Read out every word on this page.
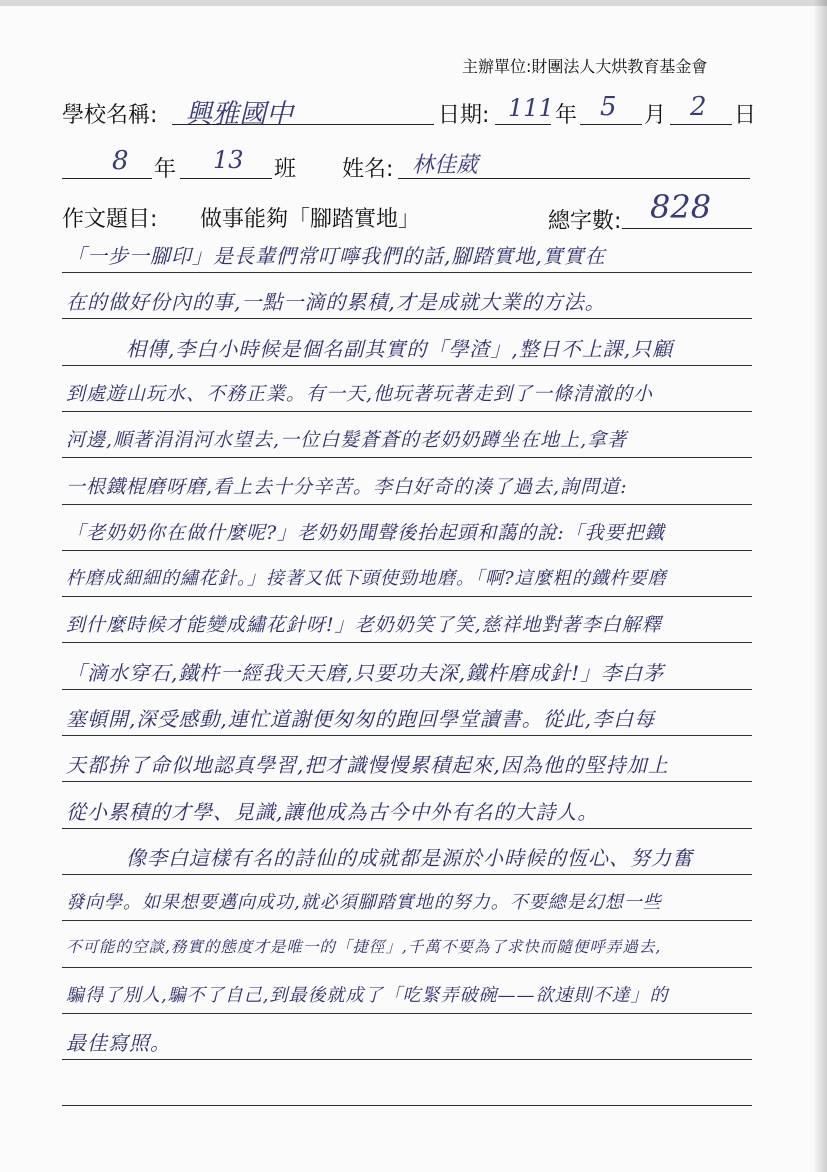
主辦單位:財團法人大烘教育基金會
學校名稱: 興雅國中	日期: 111 年 5 月 2 日
8 年 13 班 姓名: 林佳葳
作文題目: 做事能夠「腳踏實地」	總字數: 828
「一步一腳印」是長輩們常叮嚀我們的話,腳踏實地,實實在
在的做好份內的事,一點一滴的累積,才是成就大業的方法。
相傳,李白小時候是個名副其實的「學渣」,整日不上課,只顧
到處遊山玩水、不務正業。有一天,他玩著玩著走到了一條清澈的小
河邊,順著涓涓河水望去,一位白髮蒼蒼的老奶奶蹲坐在地上,拿著
一根鐵棍磨呀磨,看上去十分辛苦。李白好奇的湊了過去,詢問道:
「老奶奶你在做什麼呢?」老奶奶聞聲後抬起頭和藹的說:「我要把鐵
杵磨成細細的繡花針。」接著又低下頭使勁地磨。「啊?這麼粗的鐵杵要磨
到什麼時候才能變成繡花針呀!」老奶奶笑了笑,慈祥地對著李白解釋
「滴水穿石,鐵杵一經我天天磨,只要功夫深,鐵杵磨成針!」李白茅
塞頓開,深受感動,連忙道謝便匆匆的跑回學堂讀書。從此,李白每
天都拚了命似地認真學習,把才識慢慢累積起來,因為他的堅持加上
從小累積的才學、見識,讓他成為古今中外有名的大詩人。
像李白這樣有名的詩仙的成就都是源於小時候的恆心、努力奮
發向學。如果想要邁向成功,就必須腳踏實地的努力。不要總是幻想一些
不可能的空談,務實的態度才是唯一的「捷徑」,千萬不要為了求快而隨便呼弄過去,
騙得了別人,騙不了自己,到最後就成了「吃緊弄破碗——欲速則不達」的
最佳寫照。
